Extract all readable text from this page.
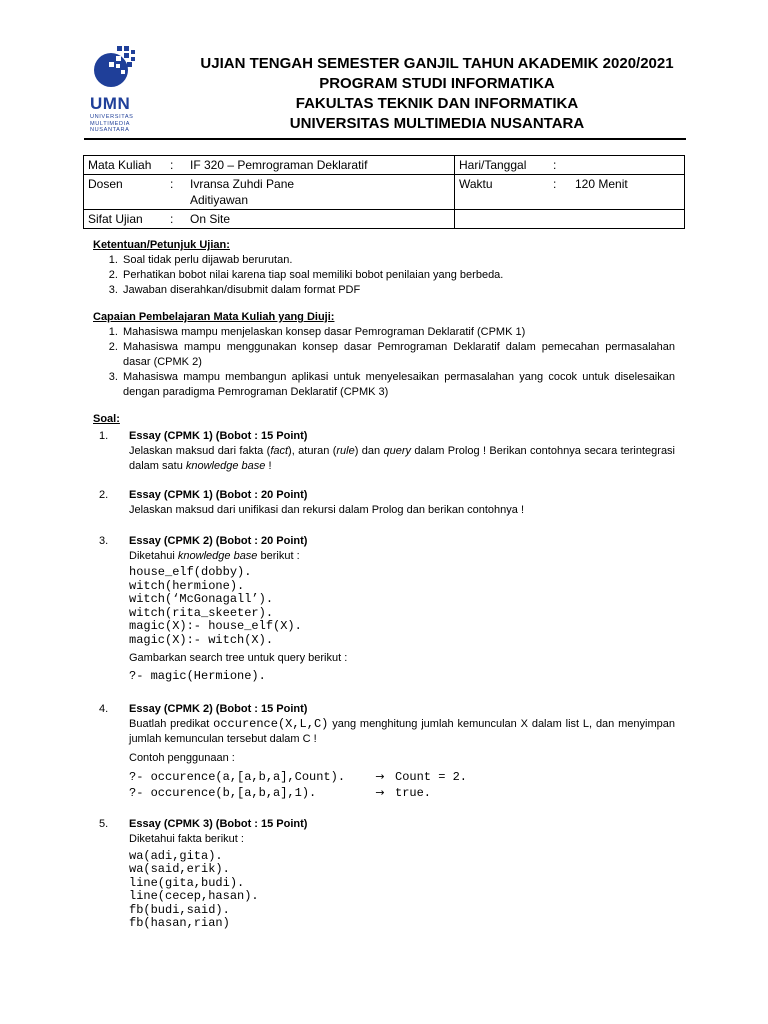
UMN
UNIVERSITAS
MULTIMEDIA
NUSANTARA
UJIAN TENGAH SEMESTER GANJIL TAHUN AKADEMIK 2020/2021
PROGRAM STUDI INFORMATIKA
FAKULTAS TEKNIK DAN INFORMATIKA
UNIVERSITAS MULTIMEDIA NUSANTARA
Mata Kuliah : IF 320 – Pemrograman Deklaratif	Hari/Tanggal :
Dosen : Ivransa Zuhdi Pane
Aditiyawan	Waktu : 120 Menit
Sifat Ujian : On Site	

Ketentuan/Petunjuk Ujian:

1. Soal tidak perlu dijawab berurutan.
2. Perhatikan bobot nilai karena tiap soal memiliki bobot penilaian yang berbeda.
3. Jawaban diserahkan/disubmit dalam format PDF

Capaian Pembelajaran Mata Kuliah yang Diuji:

1. Mahasiswa mampu menjelaskan konsep dasar Pemrograman Deklaratif (CPMK 1)
2. Mahasiswa mampu menggunakan konsep dasar Pemrograman Deklaratif dalam pemecahan permasalahan dasar (CPMK 2)
3. Mahasiswa mampu membangun aplikasi untuk menyelesaikan permasalahan yang cocok untuk diselesaikan dengan paradigma Pemrograman Deklaratif (CPMK 3)

Soal:

1.	Essay (CPMK 1) (Bobot : 15 Point)
Jelaskan maksud dari fakta (fact), aturan (rule) dan query dalam Prolog ! Berikan contohnya secara terintegrasi dalam satu knowledge base !
2.	Essay (CPMK 1) (Bobot : 20 Point)
Jelaskan maksud dari unifikasi dan rekursi dalam Prolog dan berikan contohnya !
3.	Essay (CPMK 2) (Bobot : 20 Point)
Diketahui knowledge base berikut :
house_elf(dobby).
witch(hermione).
witch(‘McGonagall’).
witch(rita_skeeter).
magic(X):- house_elf(X).
magic(X):- witch(X).
Gambarkan search tree untuk query berikut :
?- magic(Hermione).
4.	Essay (CPMK 2) (Bobot : 15 Point)
Buatlah predikat occurence(X,L,C) yang menghitung jumlah kemunculan X dalam list L, dan menyimpan jumlah kemunculan tersebut dalam C !
Contoh penggunaan :
?- occurence(a,[a,b,a],Count).	→ Count = 2.
?- occurence(b,[a,b,a],1).	→ true.
5.	Essay (CPMK 3) (Bobot : 15 Point)
Diketahui fakta berikut :
wa(adi,gita).
wa(said,erik).
line(gita,budi).
line(cecep,hasan).
fb(budi,said).
fb(hasan,rian)
